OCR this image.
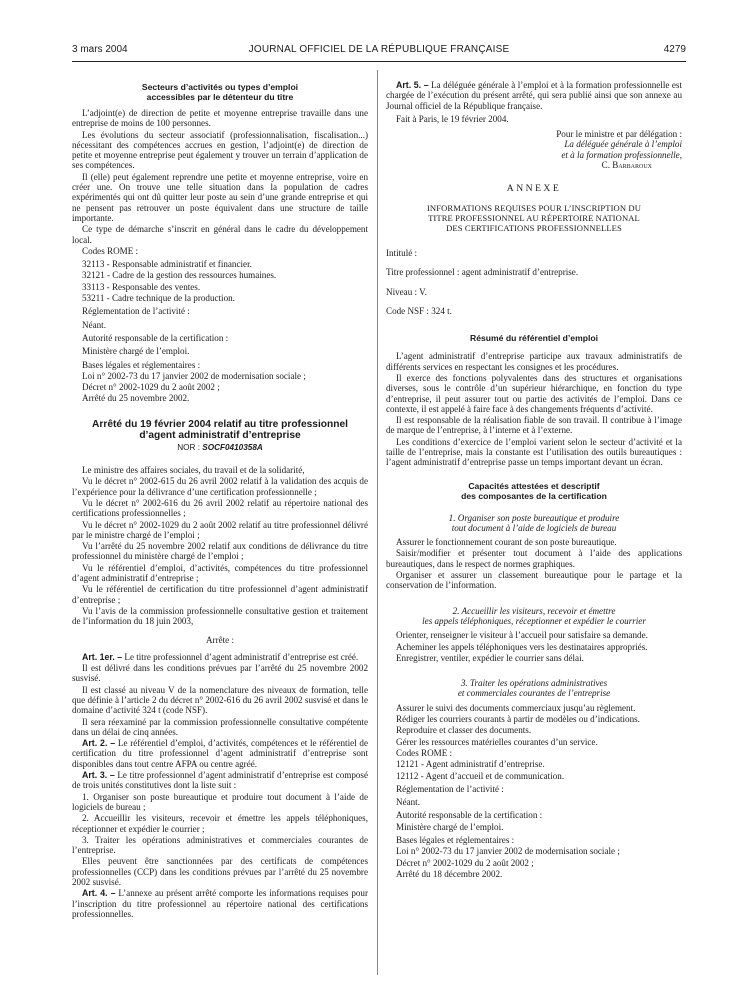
3 mars 2004	JOURNAL OFFICIEL DE LA RÉPUBLIQUE FRANÇAISE	4279

Secteurs d’activités ou types d’emploi

accessibles par le détenteur du titre

L’adjoint(e) de direction de petite et moyenne entreprise travaille dans une entreprise de moins de 100 personnes.

Les évolutions du secteur associatif (professionnalisation, fiscalisation...) nécessitant des compétences accrues en gestion, l’adjoint(e) de direction de petite et moyenne entreprise peut également y trouver un terrain d’application de ses compétences.

Il (elle) peut également reprendre une petite et moyenne entreprise, voire en créer une. On trouve une telle situation dans la population de cadres expérimentés qui ont dû quitter leur poste au sein d’une grande entreprise et qui ne pensent pas retrouver un poste équivalent dans une structure de taille importante.

Ce type de démarche s’inscrit en général dans le cadre du développement local.

Codes ROME :

32113 - Responsable administratif et financier.

32121 - Cadre de la gestion des ressources humaines.

33113 - Responsable des ventes.

53211 - Cadre technique de la production.

Réglementation de l’activité :

Néant.

Autorité responsable de la certification :

Ministère chargé de l’emploi.

Bases légales et réglementaires :

Loi n° 2002-73 du 17 janvier 2002 de modernisation sociale ;

Décret n° 2002-1029 du 2 août 2002 ;

Arrêté du 25 novembre 2002.

Arrêté du 19 février 2004 relatif au titre professionnel

d’agent administratif d’entreprise

NOR : SOCF0410358A

Le ministre des affaires sociales, du travail et de la solidarité,

Vu le décret n° 2002-615 du 26 avril 2002 relatif à la validation des acquis de l’expérience pour la délivrance d’une certification professionnelle ;

Vu le décret n° 2002-616 du 26 avril 2002 relatif au répertoire national des certifications professionnelles ;

Vu le décret n° 2002-1029 du 2 août 2002 relatif au titre professionnel délivré par le ministre chargé de l’emploi ;

Vu l’arrêté du 25 novembre 2002 relatif aux conditions de délivrance du titre professionnel du ministère chargé de l’emploi ;

Vu le référentiel d’emploi, d’activités, compétences du titre professionnel d’agent administratif d’entreprise ;

Vu le référentiel de certification du titre professionnel d’agent administratif d’entreprise ;

Vu l’avis de la commission professionnelle consultative gestion et traitement de l’information du 18 juin 2003,

Arrête :

Art. 1er. – Le titre professionnel d’agent administratif d’entreprise est créé.

Il est délivré dans les conditions prévues par l’arrêté du 25 novembre 2002 susvisé.

Il est classé au niveau V de la nomenclature des niveaux de formation, telle que définie à l’article 2 du décret n° 2002-616 du 26 avril 2002 susvisé et dans le domaine d’activité 324 t (code NSF).

Il sera réexaminé par la commission professionnelle consultative compétente dans un délai de cinq années.

Art. 2. – Le référentiel d’emploi, d’activités, compétences et le référentiel de certification du titre professionnel d’agent administratif d’entreprise sont disponibles dans tout centre AFPA ou centre agréé.

Art. 3. – Le titre professionnel d’agent administratif d’entreprise est composé de trois unités constitutives dont la liste suit :

1. Organiser son poste bureautique et produire tout document à l’aide de logiciels de bureau ;

2. Accueillir les visiteurs, recevoir et émettre les appels téléphoniques, réceptionner et expédier le courrier ;

3. Traiter les opérations administratives et commerciales courantes de l’entreprise.

Elles peuvent être sanctionnées par des certificats de compétences professionnelles (CCP) dans les conditions prévues par l’arrêté du 25 novembre 2002 susvisé.

Art. 4. – L’annexe au présent arrêté comporte les informations requises pour l’inscription du titre professionnel au répertoire national des certifications professionnelles.

Art. 5. – La déléguée générale à l’emploi et à la formation professionnelle est chargée de l’exécution du présent arrêté, qui sera publié ainsi que son annexe au Journal officiel de la République française.

Fait à Paris, le 19 février 2004.

Pour le ministre et par délégation :

La déléguée générale à l’emploi

et à la formation professionnelle,

C. Barbaroux

ANNEXE

INFORMATIONS REQUISES POUR L’INSCRIPTION DU

TITRE PROFESSIONNEL AU RÉPERTOIRE NATIONAL

DES CERTIFICATIONS PROFESSIONNELLES

Intitulé :

Titre professionnel : agent administratif d’entreprise.

Niveau : V.

Code NSF : 324 t.

Résumé du référentiel d’emploi

L’agent administratif d’entreprise participe aux travaux administratifs de différents services en respectant les consignes et les procédures.

Il exerce des fonctions polyvalentes dans des structures et organisations diverses, sous le contrôle d’un supérieur hiérarchique, en fonction du type d’entreprise, il peut assurer tout ou partie des activités de l’emploi. Dans ce contexte, il est appelé à faire face à des changements fréquents d’activité.

Il est responsable de la réalisation fiable de son travail. Il contribue à l’image de marque de l’entreprise, à l’interne et à l’externe.

Les conditions d’exercice de l’emploi varient selon le secteur d’activité et la taille de l’entreprise, mais la constante est l’utilisation des outils bureautiques : l’agent administratif d’entreprise passe un temps important devant un écran.

Capacités attestées et descriptif

des composantes de la certification

1. Organiser son poste bureautique et produire

tout document à l’aide de logiciels de bureau

Assurer le fonctionnement courant de son poste bureautique.

Saisir/modifier et présenter tout document à l’aide des applications bureautiques, dans le respect de normes graphiques.

Organiser et assurer un classement bureautique pour le partage et la conservation de l’information.

2. Accueillir les visiteurs, recevoir et émettre

les appels téléphoniques, réceptionner et expédier le courrier

Orienter, renseigner le visiteur à l’accueil pour satisfaire sa demande.

Acheminer les appels téléphoniques vers les destinataires appropriés.

Enregistrer, ventiler, expédier le courrier sans délai.

3. Traiter les opérations administratives

et commerciales courantes de l’entreprise

Assurer le suivi des documents commerciaux jusqu’au règlement.

Rédiger les courriers courants à partir de modèles ou d’indications.

Reproduire et classer des documents.

Gérer les ressources matérielles courantes d’un service.

Codes ROME :

12121 - Agent administratif d’entreprise.

12112 - Agent d’accueil et de communication.

Réglementation de l’activité :

Néant.

Autorité responsable de la certification :

Ministère chargé de l’emploi.

Bases légales et réglementaires :

Loi n° 2002-73 du 17 janvier 2002 de modernisation sociale ;

Décret n° 2002-1029 du 2 août 2002 ;

Arrêté du 18 décembre 2002.
